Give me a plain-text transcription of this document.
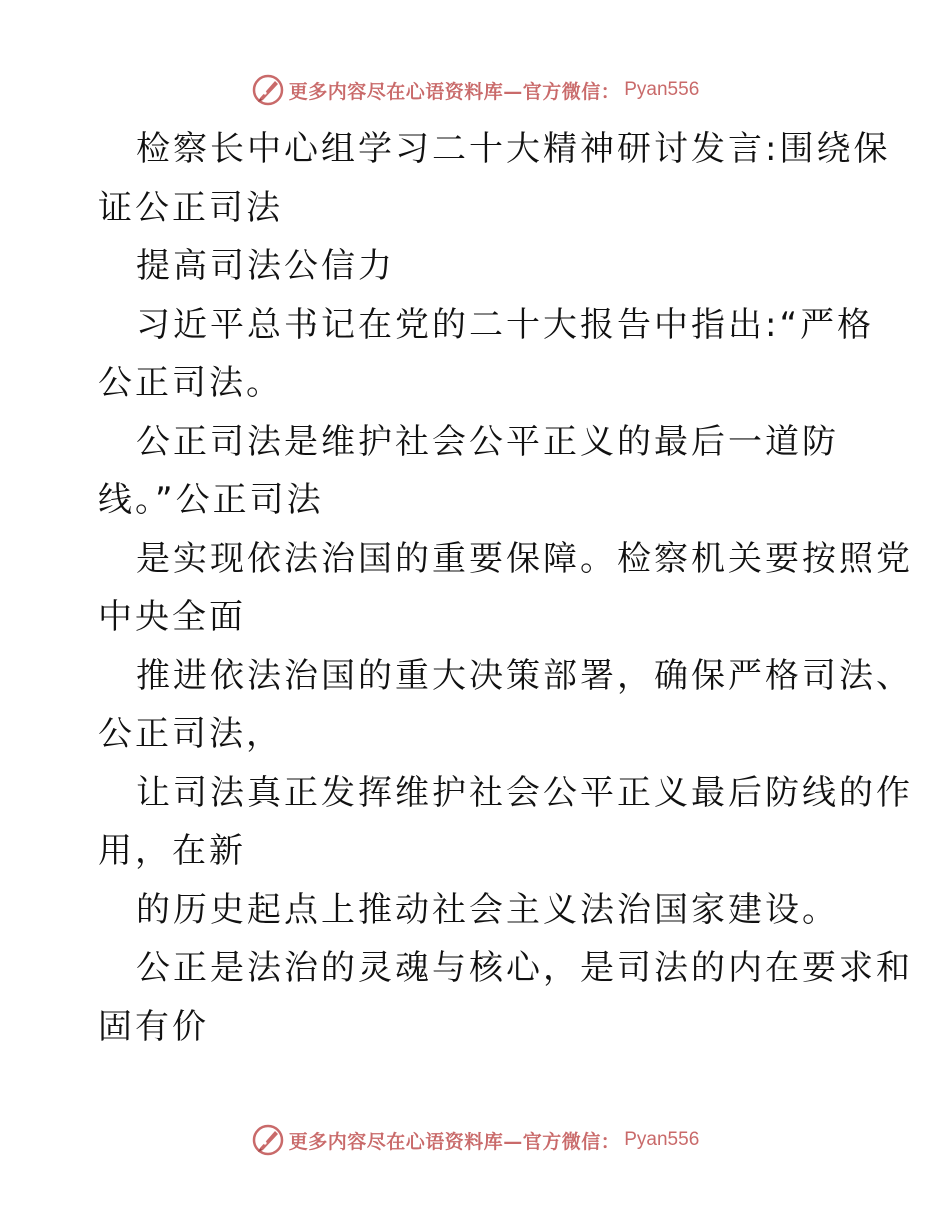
更多内容尽在心语资料库—官方微信： Pyan556
检察长中心组学习二十大精神研讨发言:围绕保
证公正司法
提高司法公信力
习近平总书记在党的二十大报告中指出:“严格
公正司法。
公正司法是维护社会公平正义的最后一道防
线。”公正司法
是实现依法治国的重要保障。检察机关要按照党
中央全面
推进依法治国的重大决策部署，确保严格司法、
公正司法，
让司法真正发挥维护社会公平正义最后防线的作
用，在新
的历史起点上推动社会主义法治国家建设。
公正是法治的灵魂与核心，是司法的内在要求和
固有价
更多内容尽在心语资料库—官方微信： Pyan556
